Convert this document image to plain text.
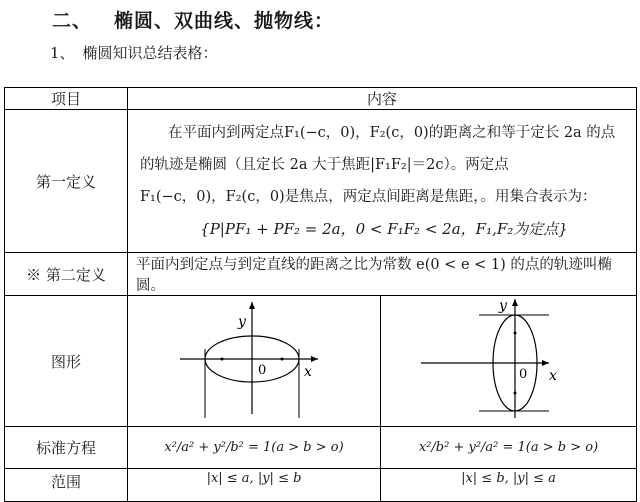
二、 椭圆、双曲线、抛物线：
1、 椭圆知识总结表格：
项目	内容	
第一定义	在平面内到两定点F₁(−c，0)，F₂(c，0)的距离之和等于定长 2a 的点
的轨迹是椭圆（且定长 2a 大于焦距|F₁F₂|＝2c）。两定点
F₁(−c，0)，F₂(c，0)是焦点，两定点间距离是焦距，。用集合表示为：
{P|PF₁ + PF₂ = 2a，0 < F₁F₂ < 2a，F₁,F₂为定点}	

※ 第二定义	平面内到定点与到定直线的距离之比为常数 e(0 < e < 1) 的点的轨迹叫椭圆。	
图形	y
x
0	y
x
0

标准方程	x²/a² + y²/b² = 1(a > b > o)	x²/b² + y²/a² = 1(a > b > o)
范围	|x| ≤ a, |y| ≤ b	|x| ≤ b, |y| ≤ a
